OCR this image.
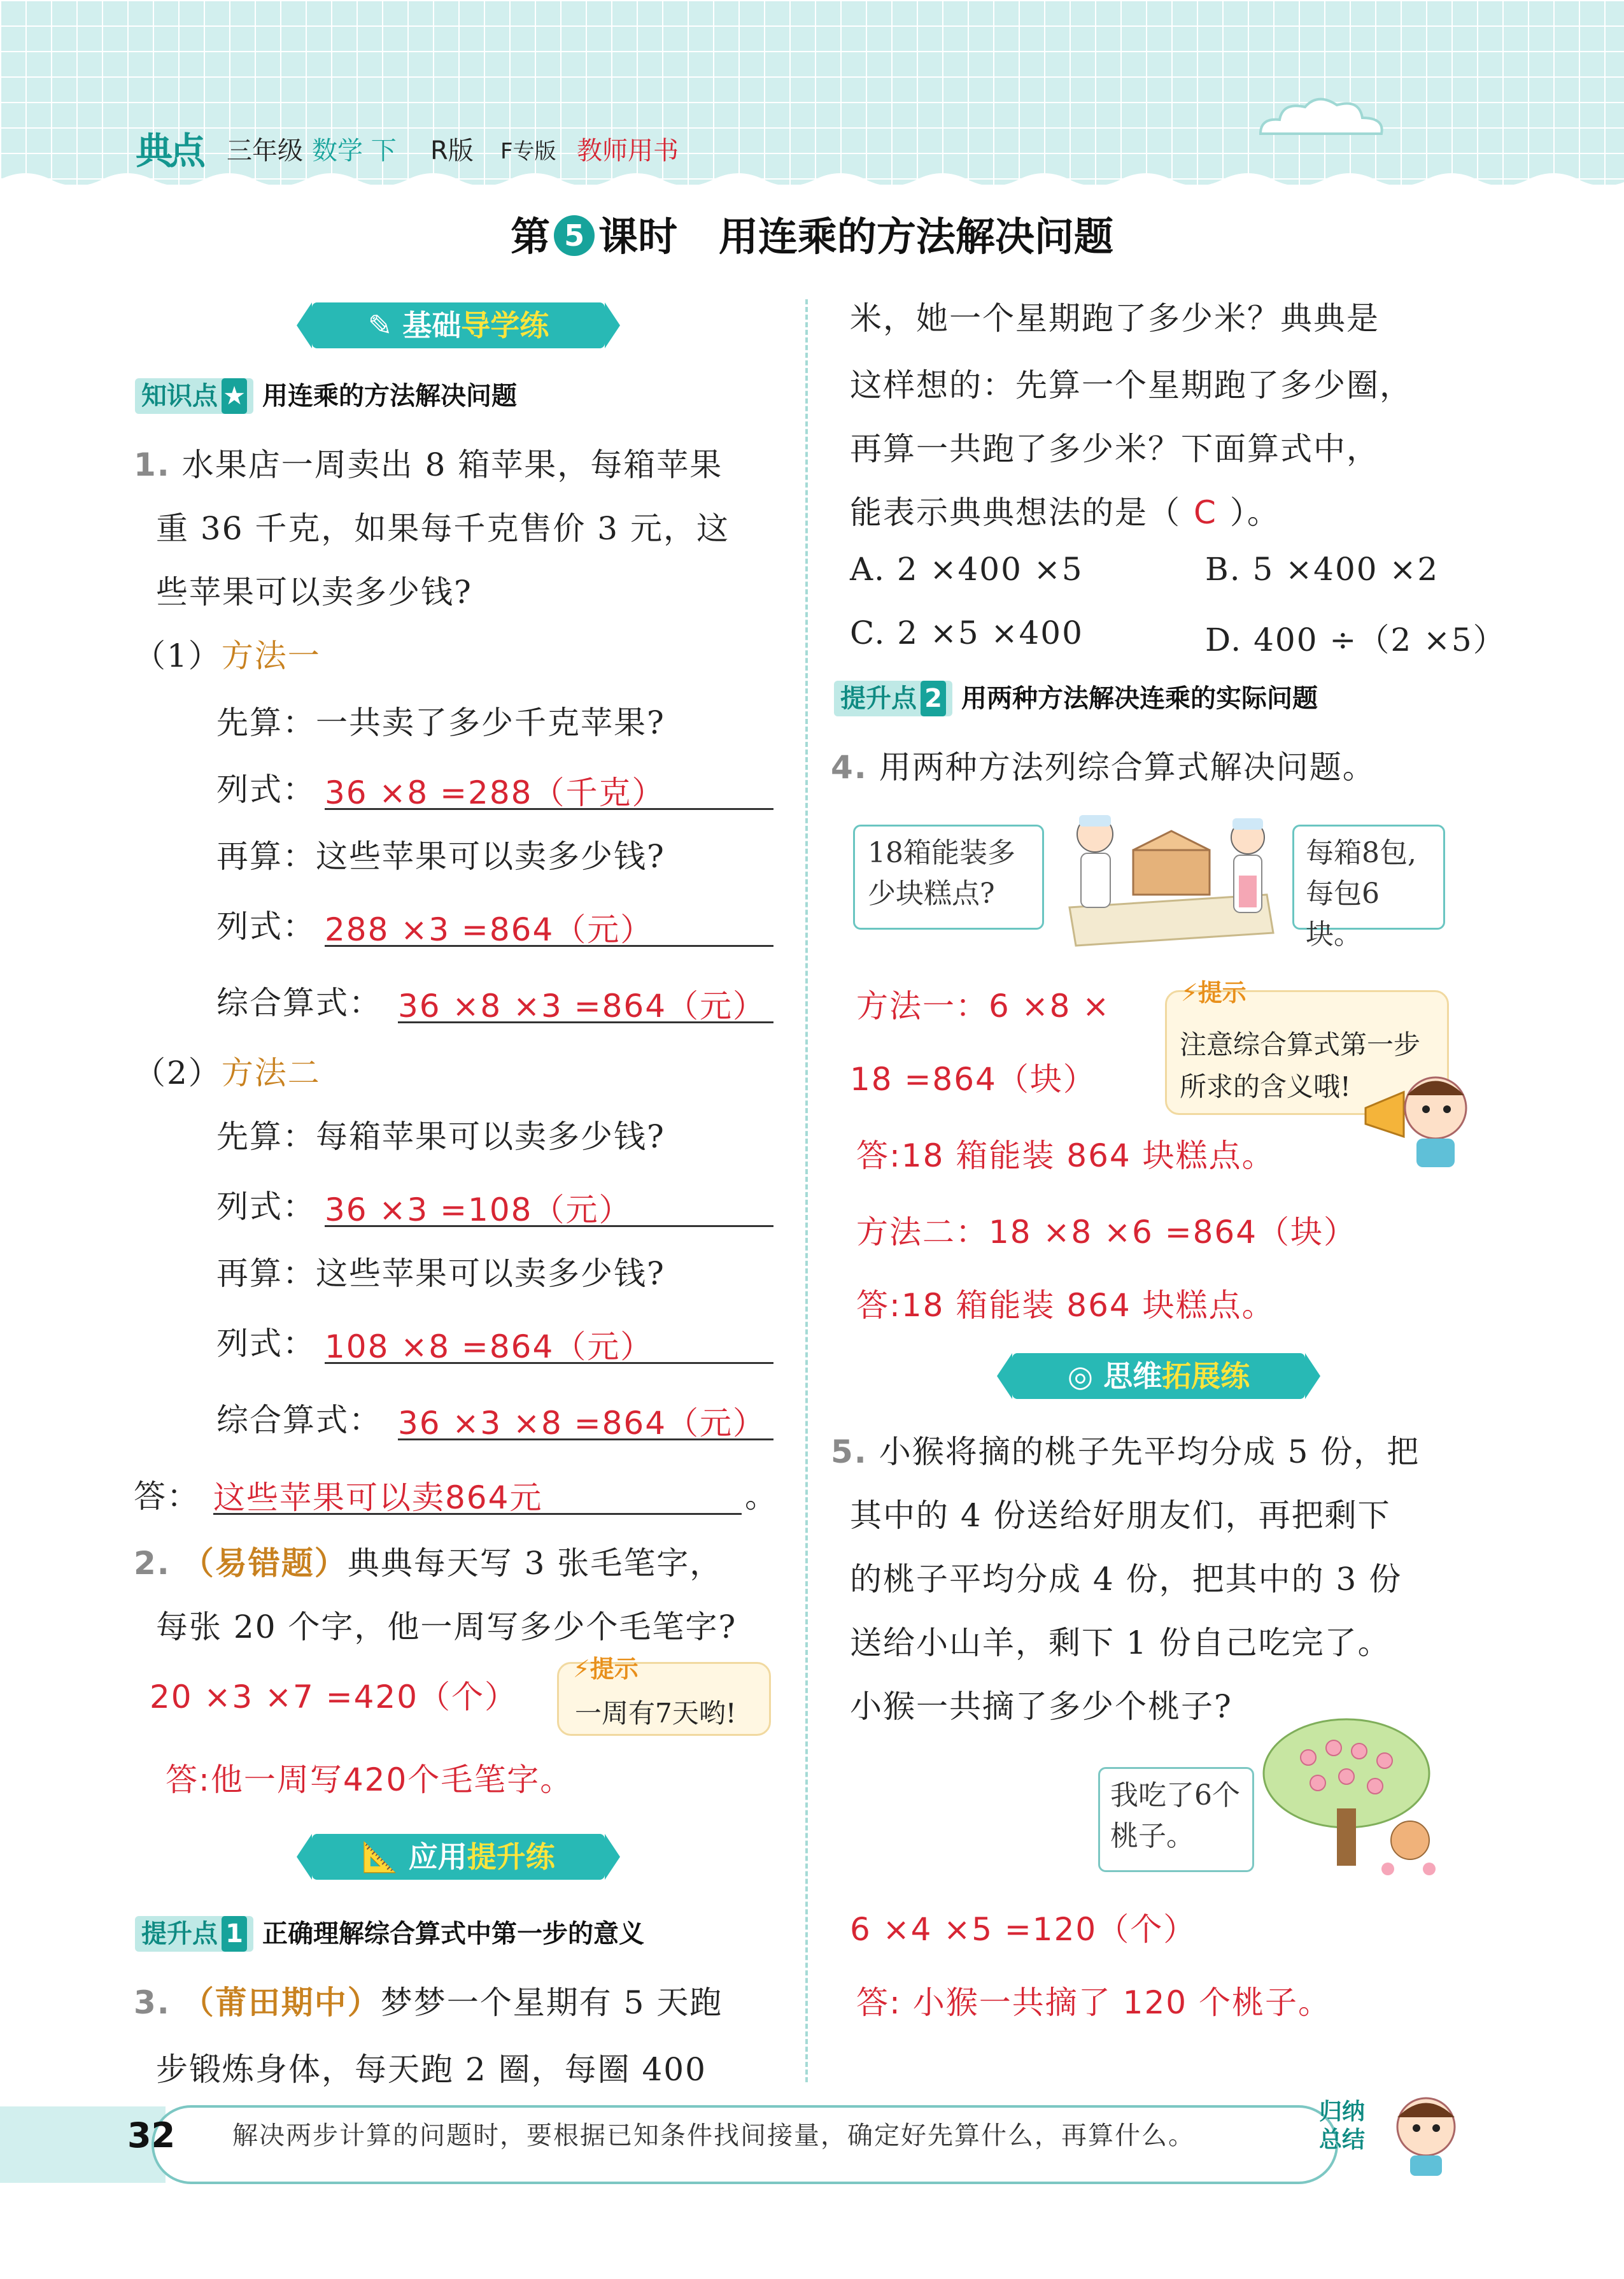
典点 三年级 数学 下 R版 F专版 教师用书
第 5 课时 用连乘的方法解决问题
✎ 基础导学练
知识点 ★ 用连乘的方法解决问题
1. 水果店一周卖出 8 箱苹果，每箱苹果
重 36 千克，如果每千克售价 3 元，这
些苹果可以卖多少钱?
（1）方法一
先算：一共卖了多少千克苹果?
列式： 36 ×8 =288（千克）
再算：这些苹果可以卖多少钱?
列式： 288 ×3 =864（元）
综合算式： 36 ×8 ×3 =864（元）
（2）方法二
先算：每箱苹果可以卖多少钱?
列式： 36 ×3 =108（元）
再算：这些苹果可以卖多少钱?
列式： 108 ×8 =864（元）
综合算式： 36 ×3 ×8 =864（元）
答： 这些苹果可以卖864元	。
2. （易错题）典典每天写 3 张毛笔字，
每张 20 个字，他一周写多少个毛笔字?
20 ×3 ×7 =420（个） 一周有7天哟!
⚡提示
答:他一周写420个毛笔字。
📐 应用提升练
提升点 1 正确理解综合算式中第一步的意义
3. （莆田期中）梦梦一个星期有 5 天跑
步锻炼身体，每天跑 2 圈，每圈 400
米，她一个星期跑了多少米？典典是
这样想的：先算一个星期跑了多少圈，
再算一共跑了多少米？下面算式中，
能表示典典想法的是（ C ）。
A. 2 ×400 ×5	B. 5 ×400 ×2
C. 2 ×5 ×400	D. 400 ÷（2 ×5）
提升点 2 用两种方法解决连乘的实际问题
4. 用两种方法列综合算式解决问题。
18箱能装多
少块糕点?
每箱8包,
每包6块。
方法一：6 ×8 ×
18 =864（块）
注意综合算式第一步
所求的含义哦!
⚡提示
答:18 箱能装 864 块糕点。
方法二：18 ×8 ×6 =864（块）
答:18 箱能装 864 块糕点。
◎ 思维拓展练
5. 小猴将摘的桃子先平均分成 5 份，把
其中的 4 份送给好朋友们，再把剩下
的桃子平均分成 4 份，把其中的 3 份
送给小山羊，剩下 1 份自己吃完了。
小猴一共摘了多少个桃子?
我吃了6个
桃子。
6 ×4 ×5 =120（个）
答: 小猴一共摘了 120 个桃子。
32 解决两步计算的问题时，要根据已知条件找间接量，确定好先算什么，再算什么。
归纳总结
